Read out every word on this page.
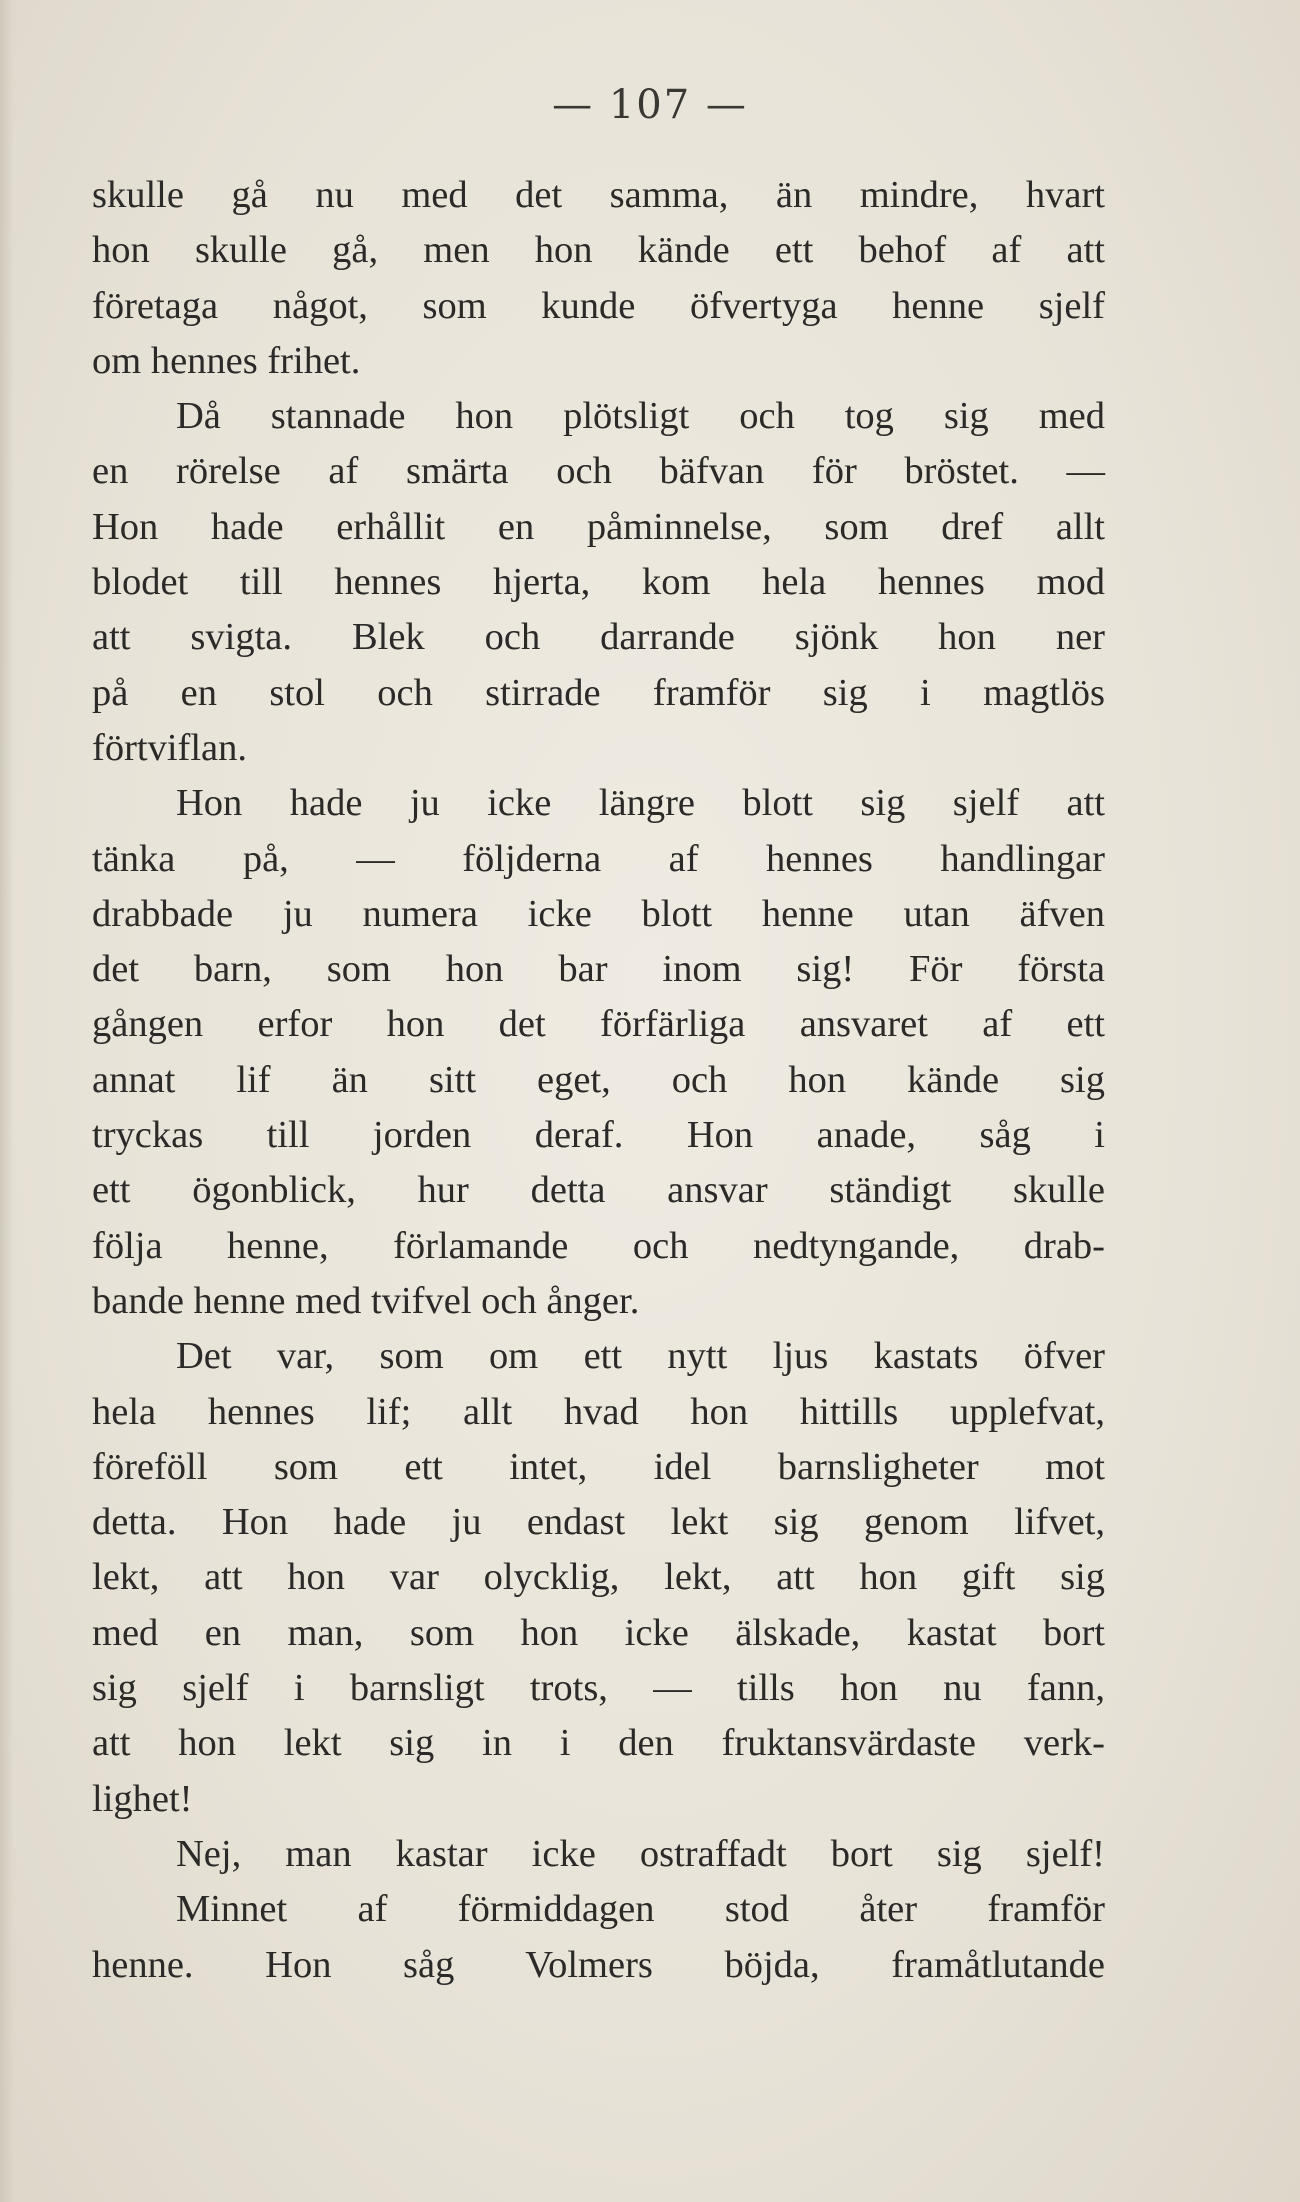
— 107 —
skulle gå nu med det samma, än mindre, hvart
hon skulle gå, men hon kände ett behof af att
företaga något, som kunde öfvertyga henne sjelf
om hennes frihet.
Då stannade hon plötsligt och tog sig med
en rörelse af smärta och bäfvan för bröstet. —
Hon hade erhållit en påminnelse, som dref allt
blodet till hennes hjerta, kom hela hennes mod
att svigta. Blek och darrande sjönk hon ner
på en stol och stirrade framför sig i magtlös
förtviflan.
Hon hade ju icke längre blott sig sjelf att
tänka på, — följderna af hennes handlingar
drabbade ju numera icke blott henne utan äfven
det barn, som hon bar inom sig! För första
gången erfor hon det förfärliga ansvaret af ett
annat lif än sitt eget, och hon kände sig
tryckas till jorden deraf. Hon anade, såg i
ett ögonblick, hur detta ansvar ständigt skulle
följa henne, förlamande och nedtyngande, drab-
bande henne med tvifvel och ånger.
Det var, som om ett nytt ljus kastats öfver
hela hennes lif; allt hvad hon hittills upplefvat,
föreföll som ett intet, idel barnsligheter mot
detta. Hon hade ju endast lekt sig genom lifvet,
lekt, att hon var olycklig, lekt, att hon gift sig
med en man, som hon icke älskade, kastat bort
sig sjelf i barnsligt trots, — tills hon nu fann,
att hon lekt sig in i den fruktansvärdaste verk-
lighet!
Nej, man kastar icke ostraffadt bort sig sjelf!
Minnet af förmiddagen stod åter framför
henne. Hon såg Volmers böjda, framåtlutande
